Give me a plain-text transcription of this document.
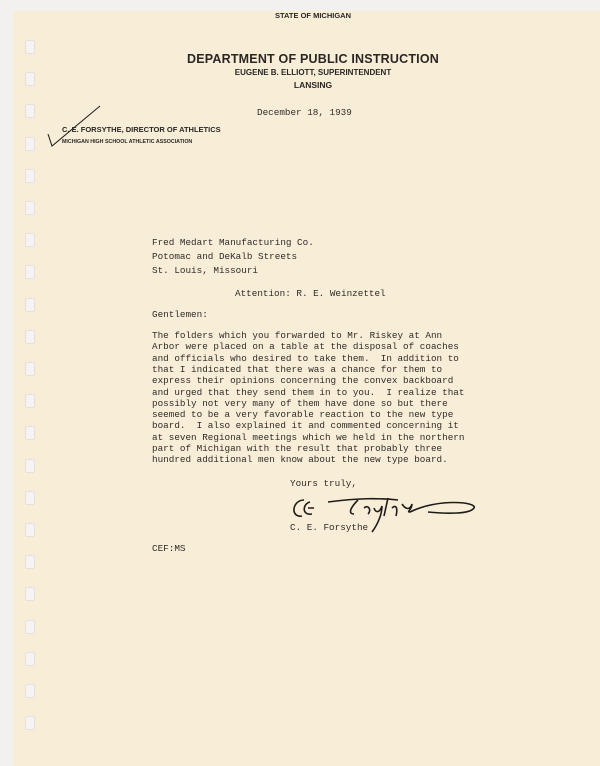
STATE OF MICHIGAN
DEPARTMENT OF PUBLIC INSTRUCTION
EUGENE B. ELLIOTT, SUPERINTENDENT
LANSING
December 18, 1939
C. E. FORSYTHE, DIRECTOR OF ATHLETICS
MICHIGAN HIGH SCHOOL ATHLETIC ASSOCIATION
Fred Medart Manufacturing Co.
Potomac and DeKalb Streets
St. Louis, Missouri
Attention: R. E. Weinzettel
Gentlemen:
The folders which you forwarded to Mr. Riskey at Ann
Arbor were placed on a table at the disposal of coaches
and officials who desired to take them.  In addition to
that I indicated that there was a chance for them to
express their opinions concerning the convex backboard
and urged that they send them in to you.  I realize that
possibly not very many of them have done so but there
seemed to be a very favorable reaction to the new type
board.  I also explained it and commented concerning it
at seven Regional meetings which we held in the northern
part of Michigan with the result that probably three
hundred additional men know about the new type board.
Yours truly,
C. E. Forsythe
CEF:MS
